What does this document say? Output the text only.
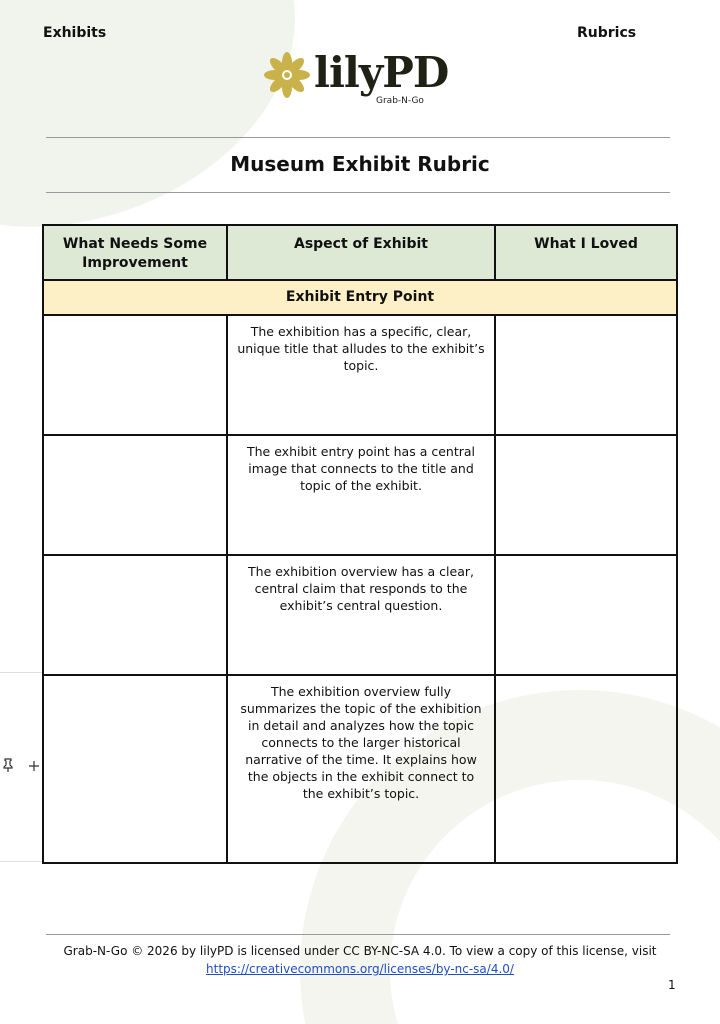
Exhibits	Rubrics
lilyPD
Grab-N-Go
Museum Exhibit Rubric
What Needs Some Improvement	Aspect of Exhibit	What I Loved
Exhibit Entry Point		
	The exhibition has a specific, clear, unique title that alludes to the exhibit’s topic.	
	The exhibit entry point has a central image that connects to the title and topic of the exhibit.	
	The exhibition overview has a clear, central claim that responds to the exhibit’s central question.	
	The exhibition overview fully summarizes the topic of the exhibition in detail and analyzes how the topic connects to the larger historical narrative of the time. It explains how the objects in the exhibit connect to the exhibit’s topic.	

Grab-N-Go © 2026 by lilyPD is licensed under CC BY-NC-SA 4.0. To view a copy of this license, visit
https://creativecommons.org/licenses/by-nc-sa/4.0/
1
